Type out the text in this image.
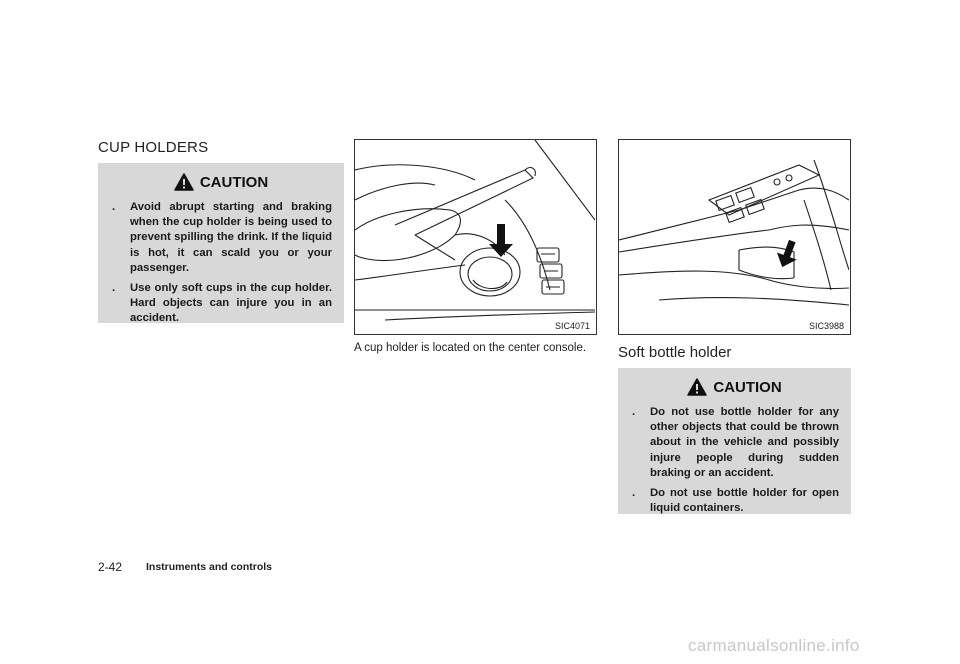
CUP HOLDERS
CAUTION
. Avoid abrupt starting and braking when the cup holder is being used to prevent spilling the drink. If the liquid is hot, it can scald you or your passenger.
. Use only soft cups in the cup holder. Hard objects can injure you in an accident.
SIC4071
A cup holder is located on the center console.
SIC3988
Soft bottle holder
CAUTION
. Do not use bottle holder for any other objects that could be thrown about in the vehicle and possibly injure people during sudden braking or an accident.
. Do not use bottle holder for open liquid containers.
2-42 Instruments and controls
carmanualsonline.info
